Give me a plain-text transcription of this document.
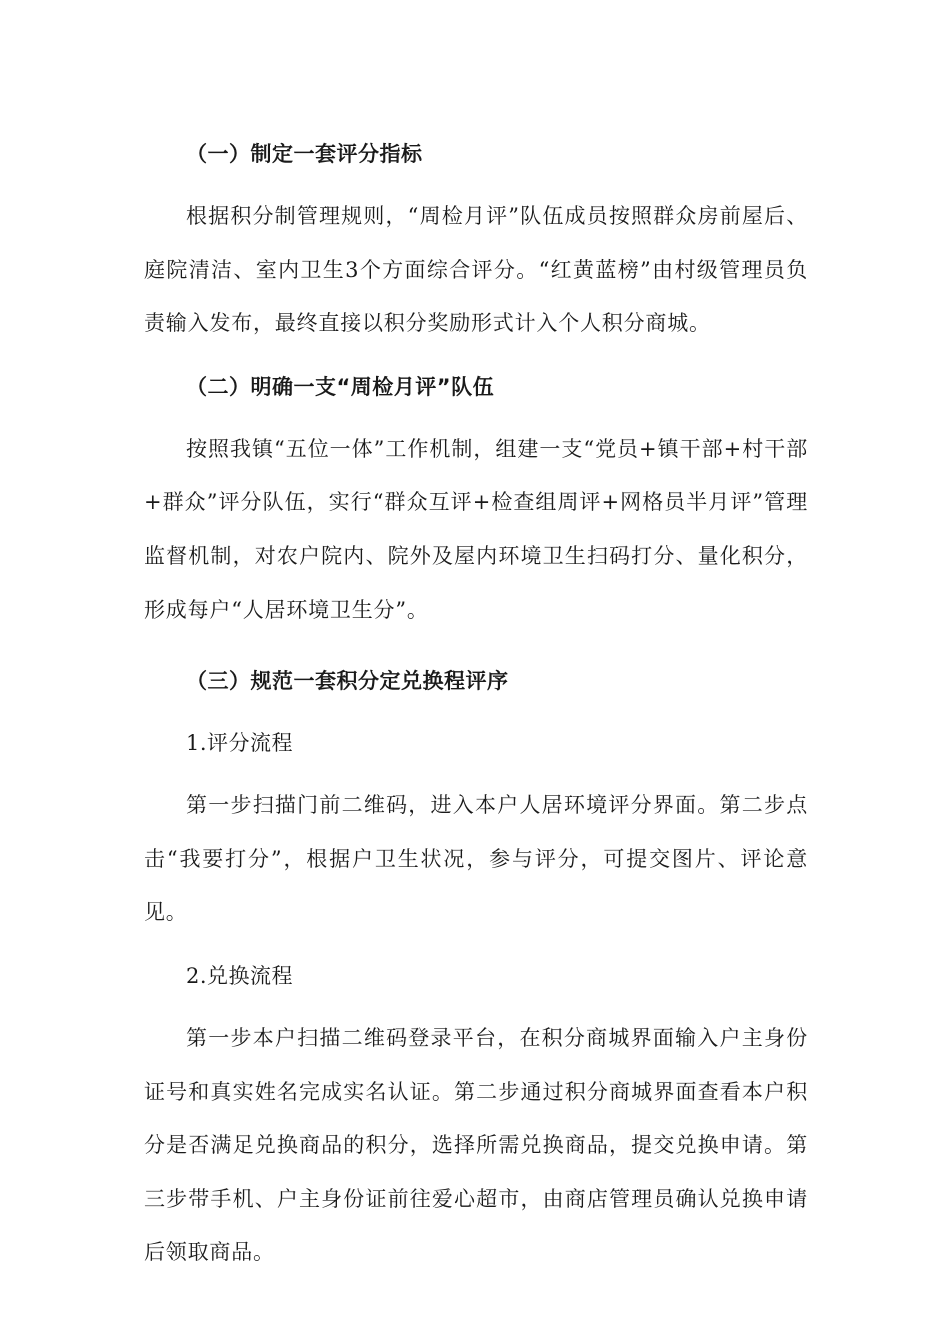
（一）制定一套评分指标

根据积分制管理规则，“周检月评”队伍成员按照群众房前屋后、庭院清洁、室内卫生3个方面综合评分。“红黄蓝榜”由村级管理员负责输入发布，最终直接以积分奖励形式计入个人积分商城。

（二）明确一支“周检月评”队伍

按照我镇“五位一体”工作机制，组建一支“党员+镇干部+村干部+群众”评分队伍，实行“群众互评+检查组周评+网格员半月评”管理监督机制，对农户院内、院外及屋内环境卫生扫码打分、量化积分，形成每户“人居环境卫生分”。

（三）规范一套积分定兑换程评序

1.评分流程

第一步扫描门前二维码，进入本户人居环境评分界面。第二步点击“我要打分”，根据户卫生状况，参与评分，可提交图片、评论意见。

2.兑换流程

第一步本户扫描二维码登录平台，在积分商城界面输入户主身份证号和真实姓名完成实名认证。第二步通过积分商城界面查看本户积分是否满足兑换商品的积分，选择所需兑换商品，提交兑换申请。第三步带手机、户主身份证前往爱心超市，由商店管理员确认兑换申请后领取商品。
